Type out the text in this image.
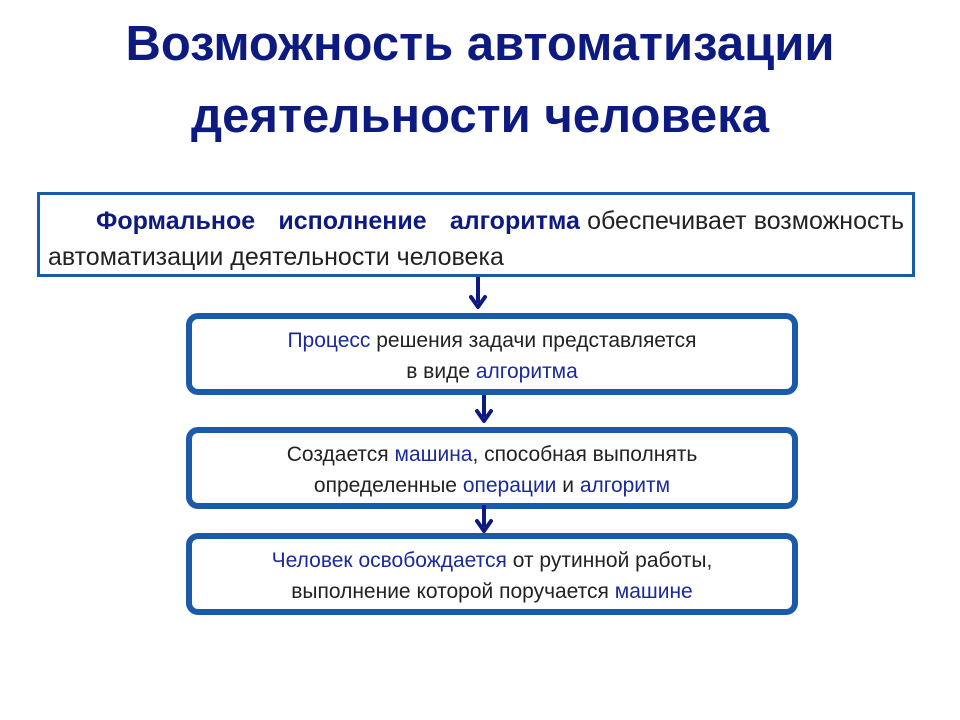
Возможность автоматизации
деятельности человека
Формальное исполнение алгоритма обеспечивает возможность автоматизации деятельности человека
Процесс решения задачи представляется
в виде алгоритма
Создается машина, способная выполнять
определенные операции и алгоритм
Человек освобождается от рутинной работы,
выполнение которой поручается машине
